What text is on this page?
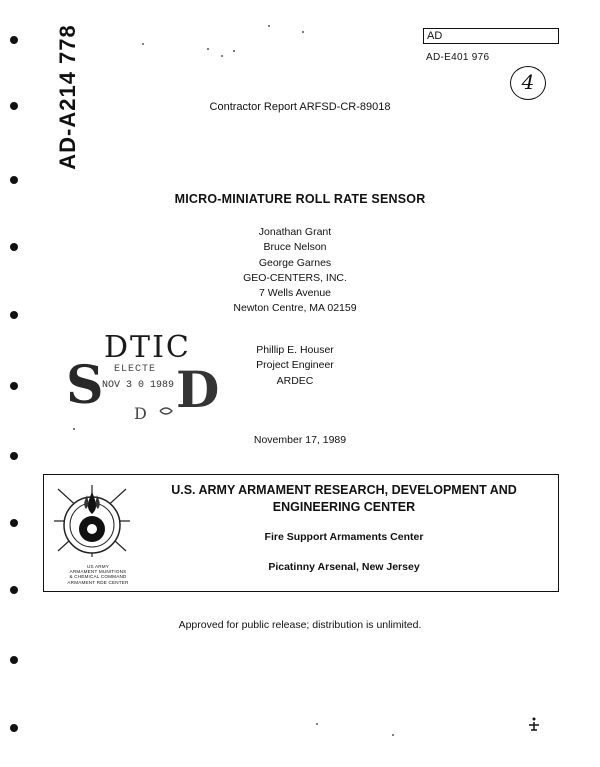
AD-A214 778	AD
AD-E401 976
4
Contractor Report ARFSD-CR-89018
MICRO-MINIATURE ROLL RATE SENSOR
Jonathan Grant
Bruce Nelson
George Garnes
GEO-CENTERS, INC.
7 Wells Avenue
Newton Centre, MA 02159
Phillip E. Houser
Project Engineer
ARDEC
DTIC
ELECTE
NOV 3 0 1989
S D
D
November 17, 1989
US ARMY
ARMAMENT MUNITIONS
& CHEMICAL COMMAND
ARMAMENT RDE CENTER
U.S. ARMY ARMAMENT RESEARCH, DEVELOPMENT AND
ENGINEERING CENTER
Fire Support Armaments Center
Picatinny Arsenal, New Jersey
Approved for public release; distribution is unlimited.
